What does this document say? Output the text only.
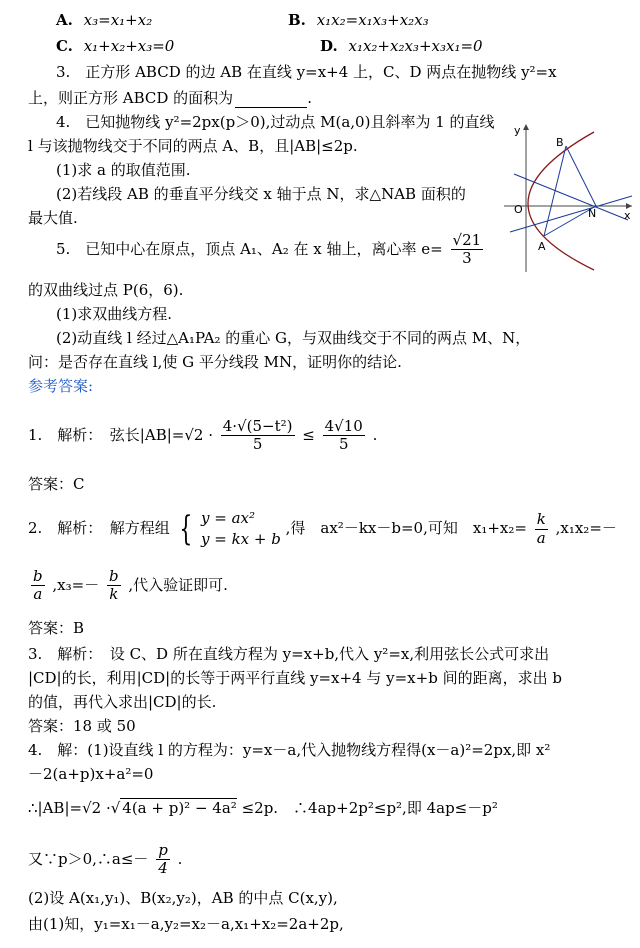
A. x₃=x₁+x₂	B. x₁x₂=x₁x₃+x₂x₃
C. x₁+x₂+x₃=0	D. x₁x₂+x₂x₃+x₃x₁=0
3.　正方形 ABCD 的边 AB 在直线 y=x+4 上，C、D 两点在抛物线 y²=x
上，则正方形 ABCD 的面积为	.
4.　已知抛物线 y²=2px(p＞0),过动点 M(a,0)且斜率为 1 的直线
l 与该抛物线交于不同的两点 A、B，且|AB|≤2p.
(1)求 a 的取值范围.
(2)若线段 AB 的垂直平分线交 x 轴于点 N，求△NAB 面积的
最大值.
y
x
O	N
B
A
5.　已知中心在原点，顶点 A₁、A₂ 在 x 轴上，离心率 $e= \frac{√21}{3}$
的双曲线过点 P(6，6).
(1)求双曲线方程.
(2)动直线 l 经过△A₁PA₂ 的重心 G，与双曲线交于不同的两点 M、N，
问：是否存在直线 l,使 G 平分线段 MN，证明你的结论.
参考答案:
1.　解析：　弦长$|AB|=√2 \cdot \frac{\text{4·√(5−t²)}}{5} \le \frac{4√10}{5}$ .
答案：C
2.　解析：　解方程组 { y = ax²
y = kx + b
,得　ax²－kx－b=0,可知　$x_1+x_2= \frac{k}{a} ,x_1x_2=-$
$\frac{b}{a} ,x_3=- \frac{b}{k}$ ,代入验证即可.
答案：B
3.　解析：　设 C、D 所在直线方程为 y=x+b,代入 y²=x,利用弦长公式可求出
|CD|的长，利用|CD|的长等于两平行直线 y=x+4 与 y=x+b 间的距离，求出 b
的值，再代入求出|CD|的长.
答案：18 或 50
4.　解：(1)设直线 l 的方程为：y=x－a,代入抛物线方程得(x－a)²=2px,即 x²
－2(a+p)x+a²=0
∴|AB|=√2 ·√ 4(a + p)² − 4a² ≤2p.　∴4ap+2p²≤p²,即 4ap≤－p²
又∵p＞0,∴a≤－ $\frac{p}{4}$ .
(2)设 A(x₁,y₁)、B(x₂,y₂)，AB 的中点 C(x,y),
由(1)知，y₁=x₁－a,y₂=x₂－a,x₁+x₂=2a+2p,
